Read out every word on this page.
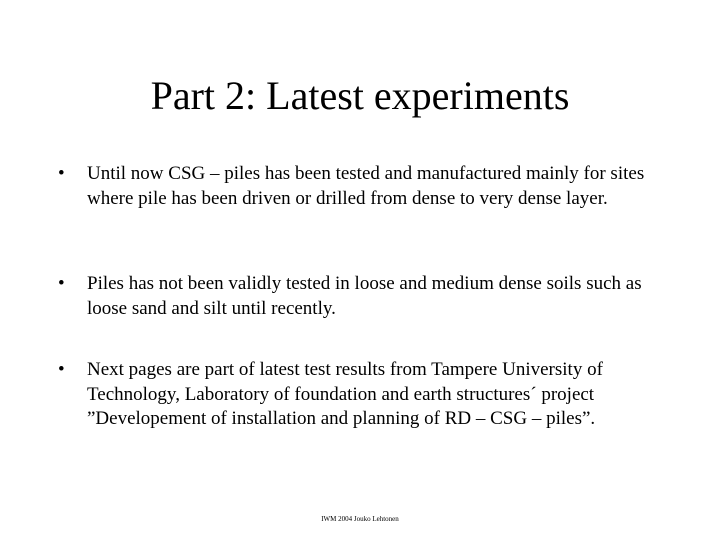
Part 2: Latest experiments
•	Until now CSG – piles has been tested and manufactured mainly for sites where pile has been driven or drilled from dense to very dense layer.
•	Piles has not been validly tested in loose and medium dense soils such as loose sand and silt until recently.
•	Next pages are part of latest test results from Tampere University of Technology, Laboratory of foundation and earth structures´ project ”Developement of installation and planning of RD – CSG – piles”.
IWM 2004 Jouko Lehtonen
